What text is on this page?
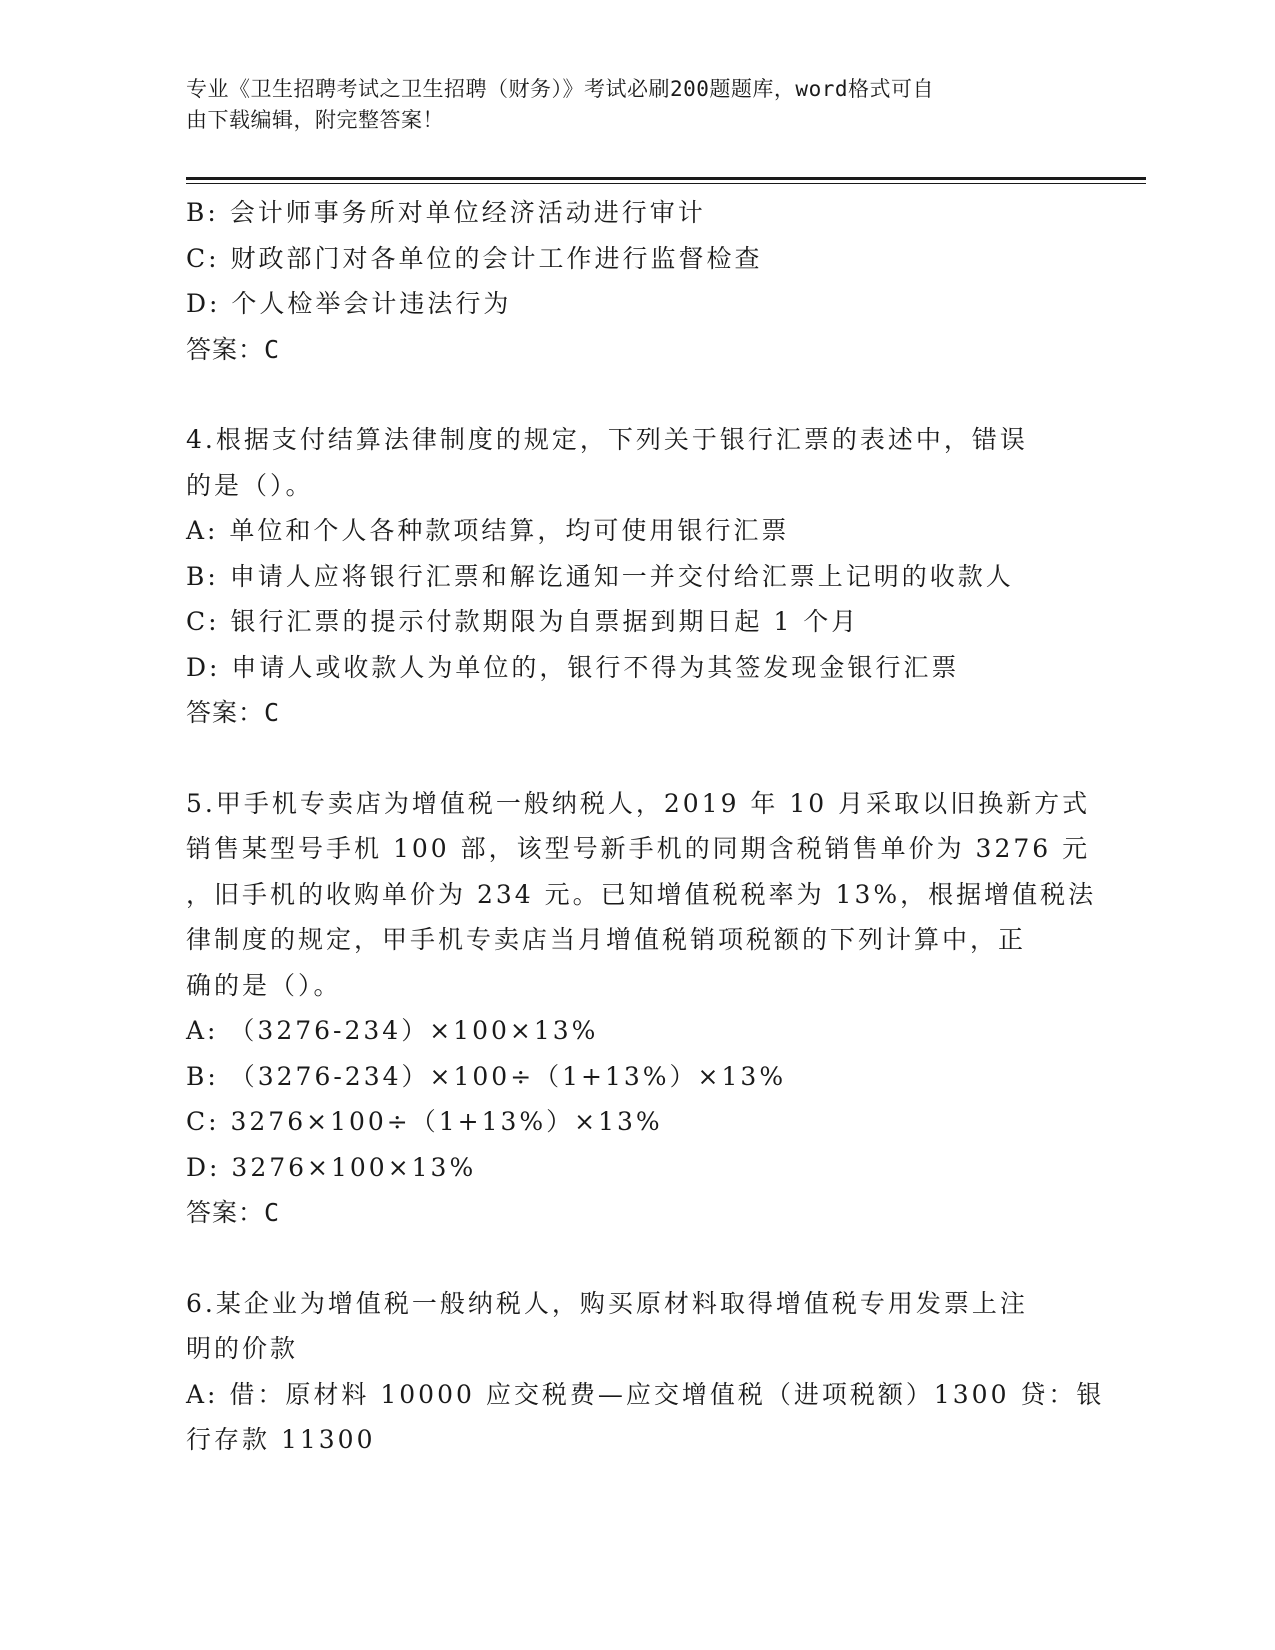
专业《卫生招聘考试之卫生招聘（财务）》考试必刷200题题库，word格式可自
由下载编辑，附完整答案！
B: 会计师事务所对单位经济活动进行审计
C: 财政部门对各单位的会计工作进行监督检查
D: 个人检举会计违法行为
答案：C
4.根据支付结算法律制度的规定，下列关于银行汇票的表述中，错误
的是（）。
A: 单位和个人各种款项结算，均可使用银行汇票
B: 申请人应将银行汇票和解讫通知一并交付给汇票上记明的收款人
C: 银行汇票的提示付款期限为自票据到期日起 1 个月
D: 申请人或收款人为单位的，银行不得为其签发现金银行汇票
答案：C
5.甲手机专卖店为增值税一般纳税人，2019 年 10 月采取以旧换新方式
销售某型号手机 100 部，该型号新手机的同期含税销售单价为 3276 元
，旧手机的收购单价为 234 元。已知增值税税率为 13%，根据增值税法
律制度的规定，甲手机专卖店当月增值税销项税额的下列计算中，正
确的是（）。
A: （3276-234）×100×13%
B: （3276-234）×100÷（1+13%）×13%
C: 3276×100÷（1+13%）×13%
D: 3276×100×13%
答案：C
6.某企业为增值税一般纳税人，购买原材料取得增值税专用发票上注
明的价款
A: 借：原材料 10000 应交税费—应交增值税（进项税额）1300 贷：银
行存款 11300
